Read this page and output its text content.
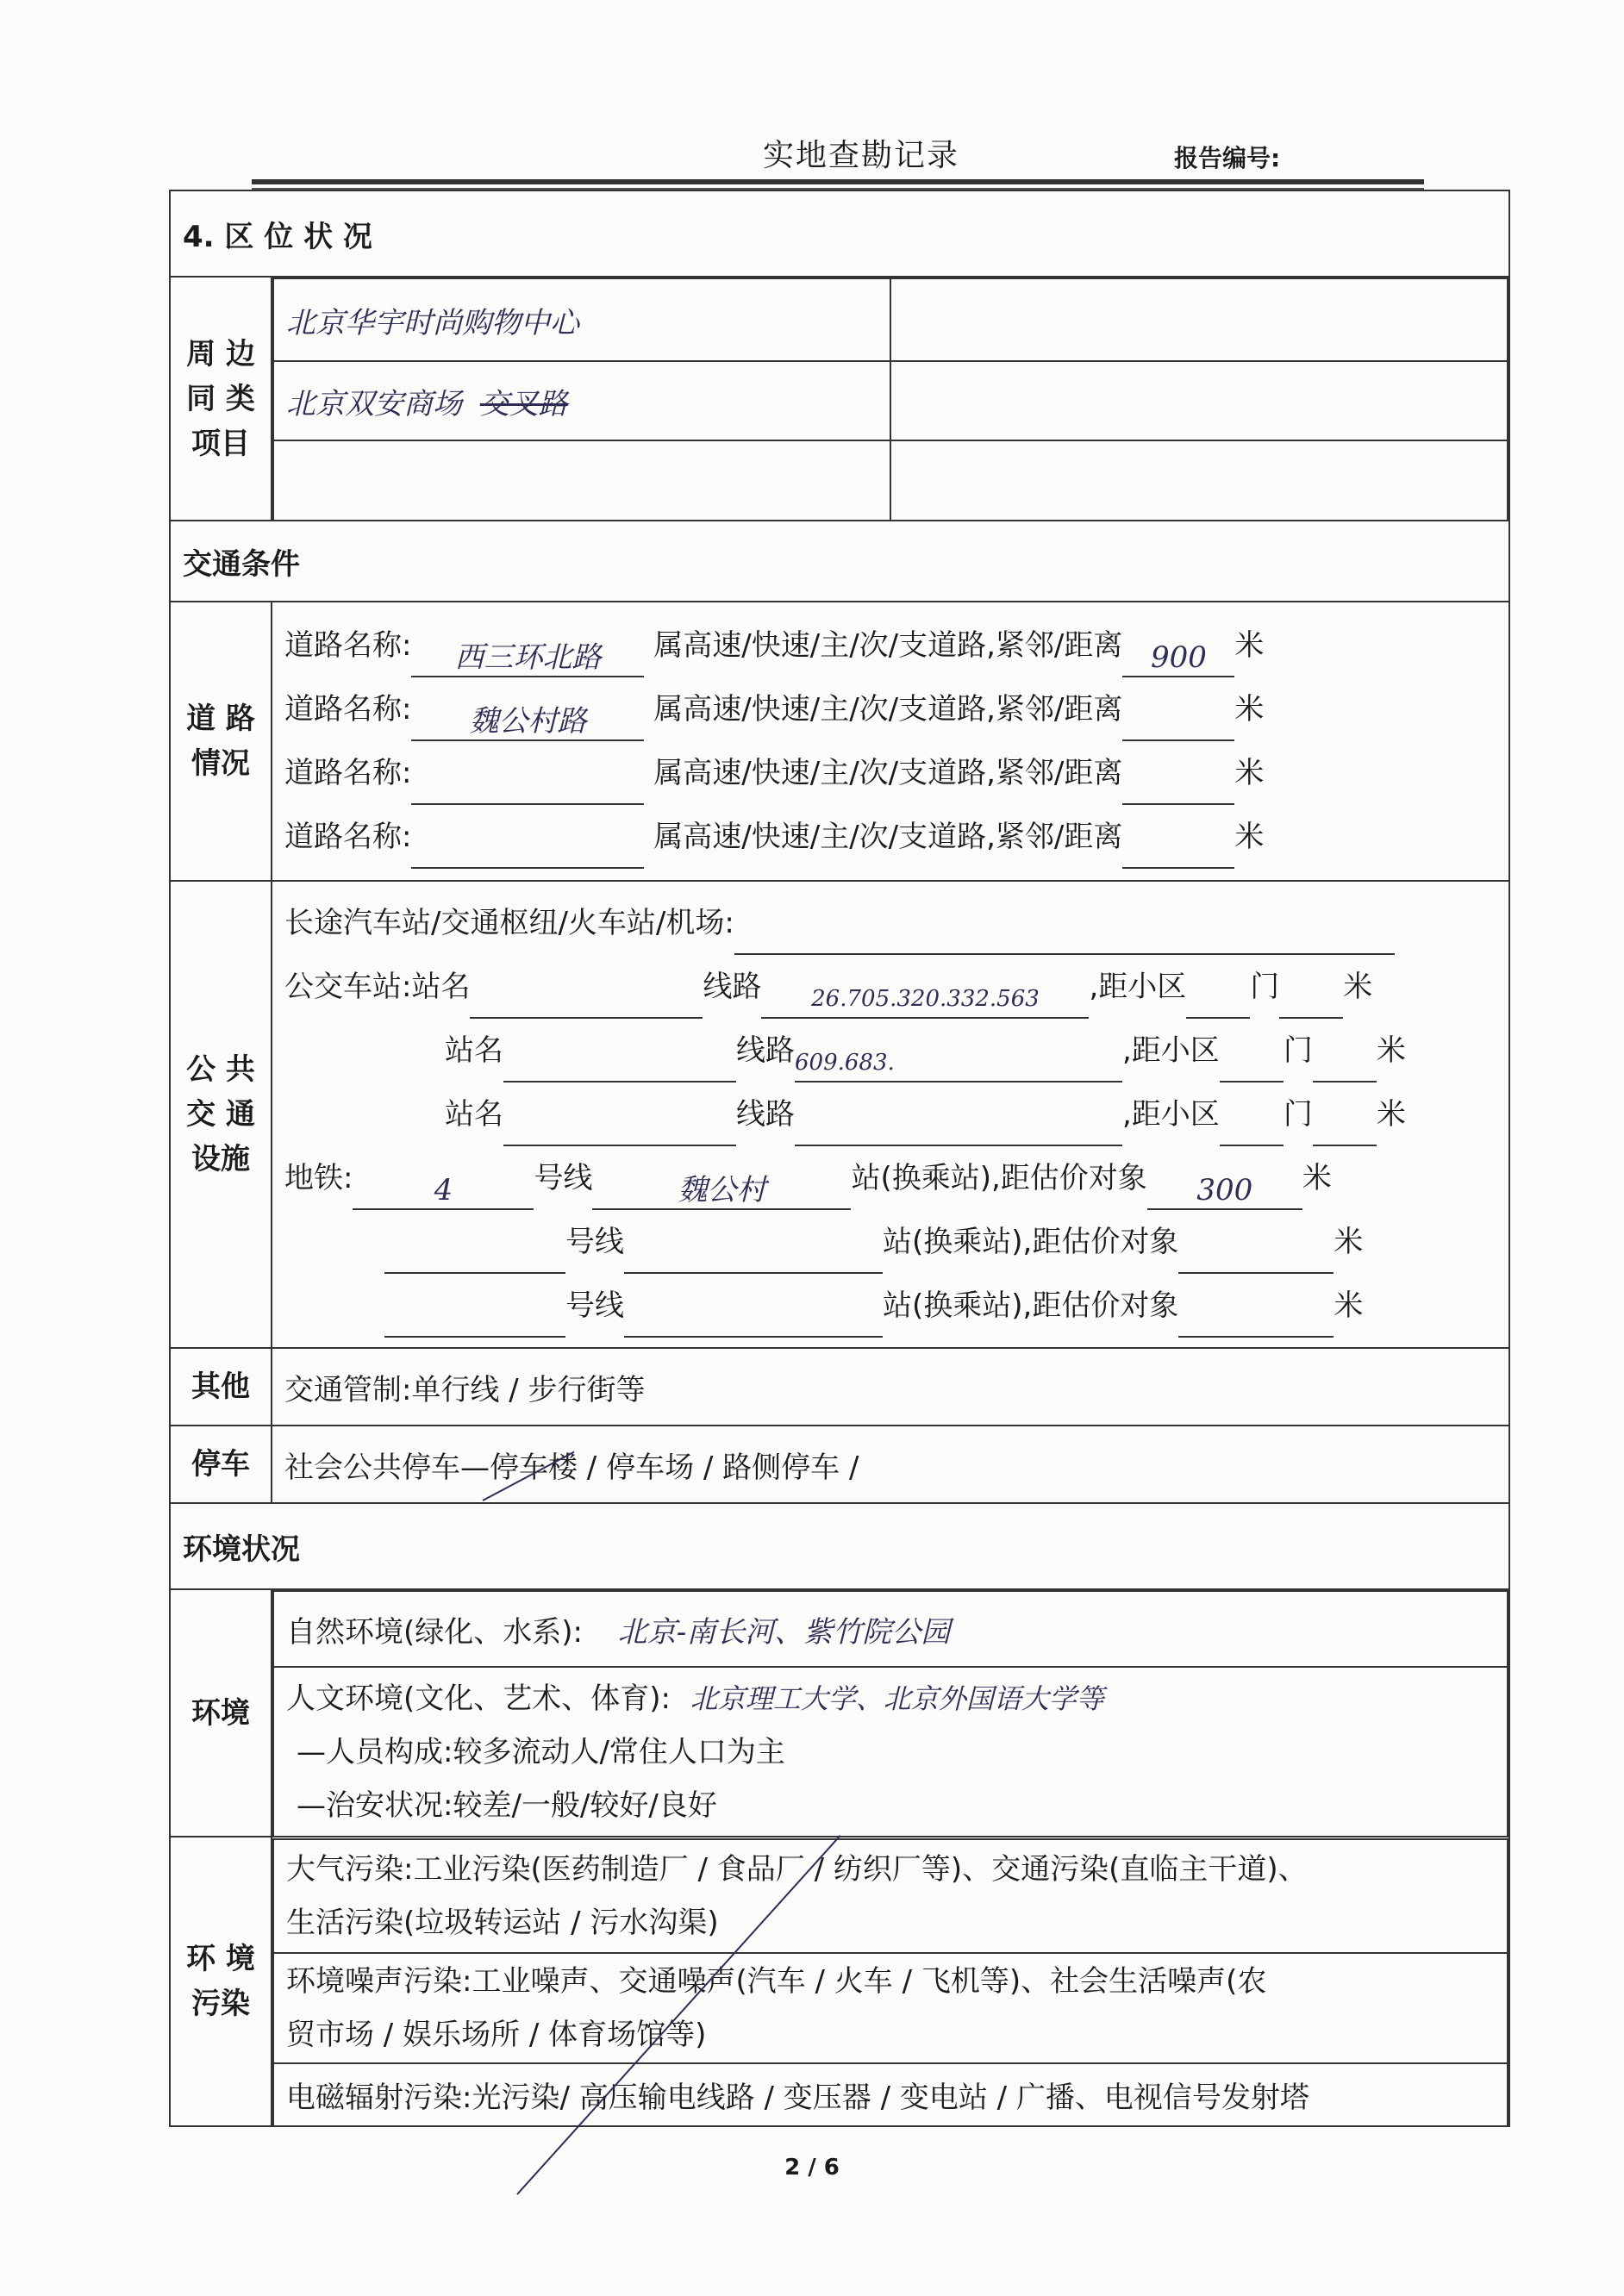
实地查勘记录	报告编号:
4. 区 位 状 况
周 边 同 类 项目	
北京华宇时尚购物中心	
北京双安商场 交叉路	

交通条件
道 路 情况	
道路名称: 西三环北路 属高速/快速/主/次/支道路,紧邻/距离 900 米
道路名称: 魏公村路 属高速/快速/主/次/支道路,紧邻/距离	米
道路名称:	属高速/快速/主/次/支道路,紧邻/距离	米
道路名称:	属高速/快速/主/次/支道路,紧邻/距离	米

公 共 交 通 设施	
长途汽车站/交通枢纽/火车站/机场:
公交车站:站名	线路 26.705.320.332.563 ,距小区 门 米
站名	线路609.683.	,距小区 门 米
站名	线路	,距小区 门 米
地铁:	4	号线	魏公村	站(换乘站),距估价对象 300 米
号线	站(换乘站),距估价对象	米
号线	站(换乘站),距估价对象	米

其他	交通管制:单行线 / 步行街等
停车	社会公共停车—停车楼 / 停车场 / 路侧停车 /
环境状况
环境	
自然环境(绿化、水系): 北京-南长河、紫竹院公园

人文环境(文化、艺术、体育): 北京理工大学、北京外国语大学等
—人员构成:较多流动人/常住人口为主
—治安状况:较差/一般/较好/良好

环 境 污染	
大气污染:工业污染(医药制造厂 / 食品厂 / 纺织厂等)、交通污染(直临主干道)、
生活污染(垃圾转运站 / 污水沟渠)

环境噪声污染:工业噪声、交通噪声(汽车 / 火车 / 飞机等)、社会生活噪声(农
贸市场 / 娱乐场所 / 体育场馆等)

电磁辐射污染:光污染/ 高压输电线路 / 变压器 / 变电站 / 广播、电视信号发射塔
2 / 6
